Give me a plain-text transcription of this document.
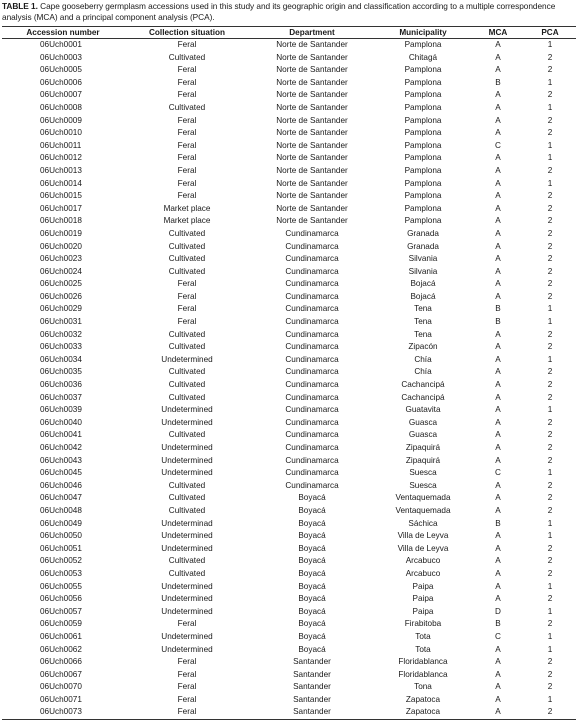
TABLE 1. Cape gooseberry germplasm accessions used in this study and its geographic origin and classification according to a multiple correspondence analysis (MCA) and a principal component analysis (PCA).

Accession number	Collection situation	Department	Municipality	MCA	PCA
06Uch0001	Feral	Norte de Santander	Pamplona	A	1
06Uch0003	Cultivated	Norte de Santander	Chitagá	A	2
06Uch0005	Feral	Norte de Santander	Pamplona	A	2
06Uch0006	Feral	Norte de Santander	Pamplona	B	1
06Uch0007	Feral	Norte de Santander	Pamplona	A	2
06Uch0008	Cultivated	Norte de Santander	Pamplona	A	1
06Uch0009	Feral	Norte de Santander	Pamplona	A	2
06Uch0010	Feral	Norte de Santander	Pamplona	A	2
06Uch0011	Feral	Norte de Santander	Pamplona	C	1
06Uch0012	Feral	Norte de Santander	Pamplona	A	1
06Uch0013	Feral	Norte de Santander	Pamplona	A	2
06Uch0014	Feral	Norte de Santander	Pamplona	A	1
06Uch0015	Feral	Norte de Santander	Pamplona	A	2
06Uch0017	Market place	Norte de Santander	Pamplona	A	2
06Uch0018	Market place	Norte de Santander	Pamplona	A	2
06Uch0019	Cultivated	Cundinamarca	Granada	A	2
06Uch0020	Cultivated	Cundinamarca	Granada	A	2
06Uch0023	Cultivated	Cundinamarca	Silvania	A	2
06Uch0024	Cultivated	Cundinamarca	Silvania	A	2
06Uch0025	Feral	Cundinamarca	Bojacá	A	2
06Uch0026	Feral	Cundinamarca	Bojacá	A	2
06Uch0029	Feral	Cundinamarca	Tena	B	1
06Uch0031	Feral	Cundinamarca	Tena	B	1
06Uch0032	Cultivated	Cundinamarca	Tena	A	2
06Uch0033	Cultivated	Cundinamarca	Zipacón	A	2
06Uch0034	Undetermined	Cundinamarca	Chía	A	1
06Uch0035	Cultivated	Cundinamarca	Chía	A	2
06Uch0036	Cultivated	Cundinamarca	Cachancipá	A	2
06Uch0037	Cultivated	Cundinamarca	Cachancipá	A	2
06Uch0039	Undetermined	Cundinamarca	Guatavita	A	1
06Uch0040	Undetermined	Cundinamarca	Guasca	A	2
06Uch0041	Cultivated	Cundinamarca	Guasca	A	2
06Uch0042	Undetermined	Cundinamarca	Zipaquirá	A	2
06Uch0043	Undetermined	Cundinamarca	Zipaquirá	A	2
06Uch0045	Undetermined	Cundinamarca	Suesca	C	1
06Uch0046	Cultivated	Cundinamarca	Suesca	A	2
06Uch0047	Cultivated	Boyacá	Ventaquemada	A	2
06Uch0048	Cultivated	Boyacá	Ventaquemada	A	2
06Uch0049	Undeterminad	Boyacá	Sáchica	B	1
06Uch0050	Undetermined	Boyacá	Villa de Leyva	A	1
06Uch0051	Undetermined	Boyacá	Villa de Leyva	A	2
06Uch0052	Cultivated	Boyacá	Arcabuco	A	2
06Uch0053	Cultivated	Boyacá	Arcabuco	A	2
06Uch0055	Undetermined	Boyacá	Paipa	A	1
06Uch0056	Undetermined	Boyacá	Paipa	A	2
06Uch0057	Undetermined	Boyacá	Paipa	D	1
06Uch0059	Feral	Boyacá	Firabitoba	B	2
06Uch0061	Undetermined	Boyacá	Tota	C	1
06Uch0062	Undetermined	Boyacá	Tota	A	1
06Uch0066	Feral	Santander	Floridablanca	A	2
06Uch0067	Feral	Santander	Floridablanca	A	2
06Uch0070	Feral	Santander	Tona	A	2
06Uch0071	Feral	Santander	Zapatoca	A	1
06Uch0073	Feral	Santander	Zapatoca	A	2
